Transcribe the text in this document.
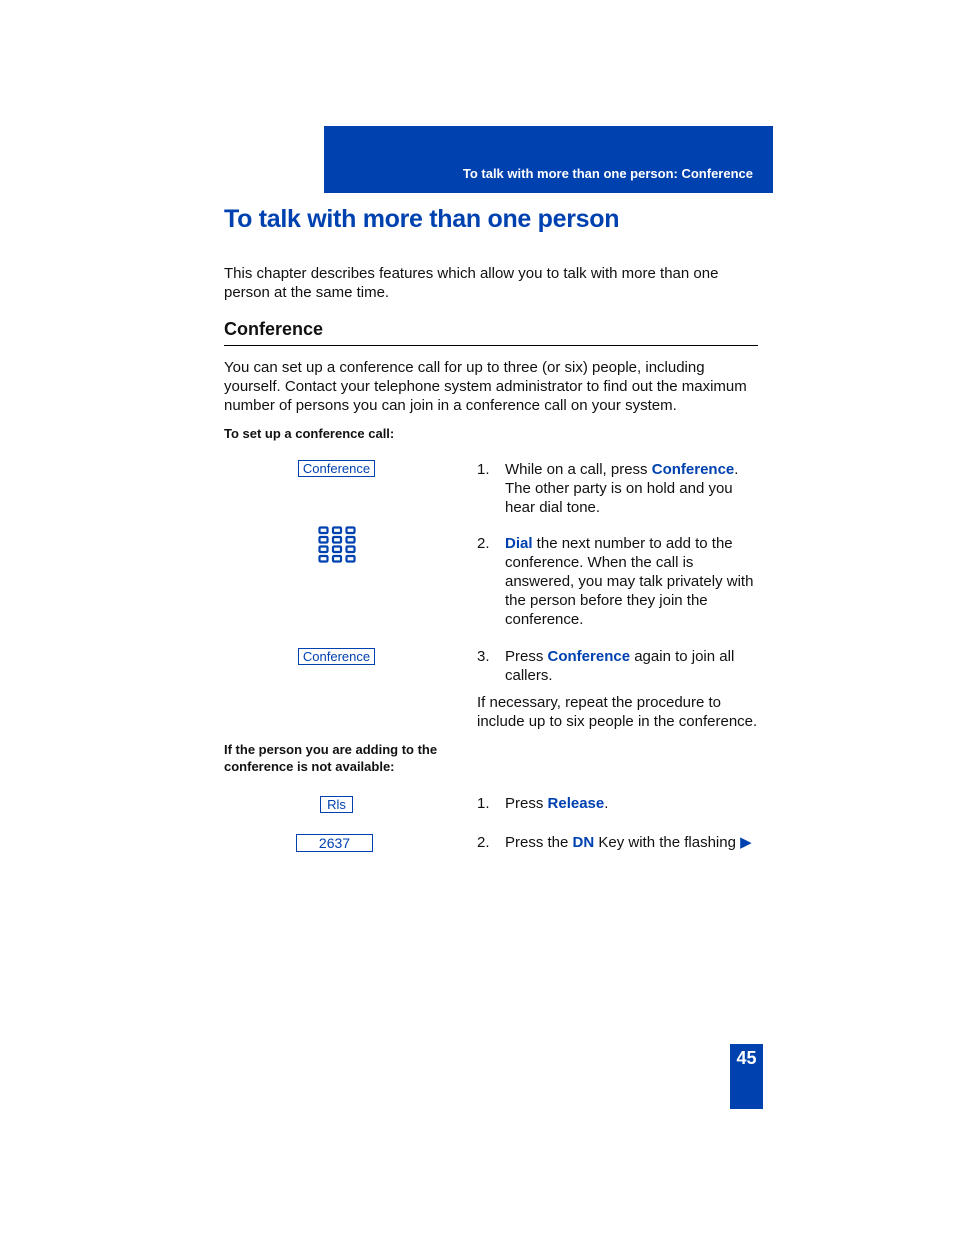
To talk with more than one person: Conference
To talk with more than one person

This chapter describes features which allow you to talk with more than one person at the same time.

Conference

You can set up a conference call for up to three (or six) people, including yourself. Contact your telephone system administrator to find out the maximum number of persons you can join in a conference call on your system.

To set up a conference call:

Conference	1. While on a call, press Conference. The other party is on hold and you hear dial tone.
2. Dial the next number to add to the conference. When the call is answered, you may talk privately with the person before they join the conference.
Conference	3. Press Conference again to join all callers.

If necessary, repeat the procedure to include up to six people in the conference.

If the person you are adding to the conference is not available:

Rls	1. Press Release.
2637	2. Press the DN Key with the flashing ▶
45
